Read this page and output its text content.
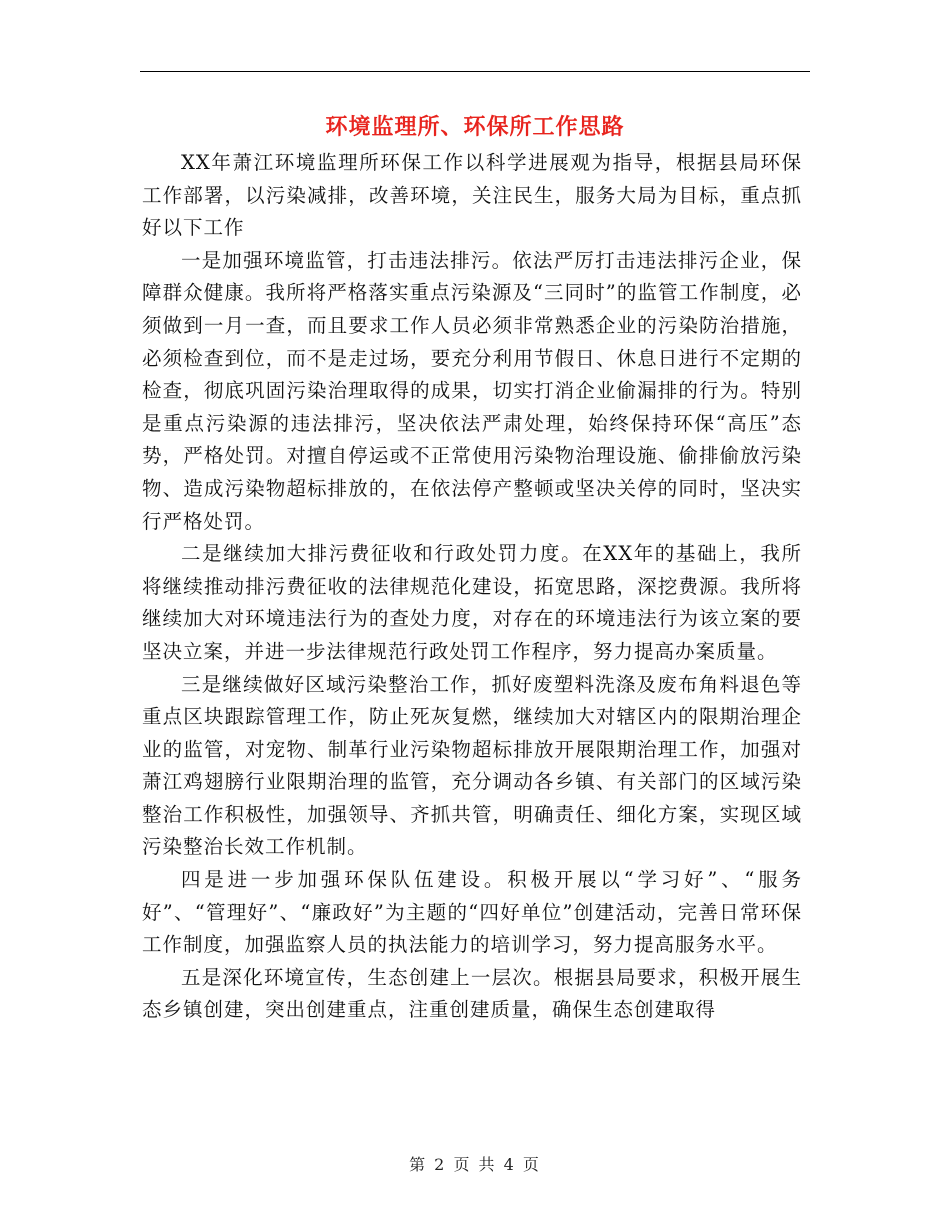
环境监理所、环保所工作思路

XX年萧江环境监理所环保工作以科学进展观为指导，根据县局环保工作部署，以污染减排，改善环境，关注民生，服务大局为目标，重点抓好以下工作

一是加强环境监管，打击违法排污。依法严厉打击违法排污企业，保障群众健康。我所将严格落实重点污染源及“三同时”的监管工作制度，必须做到一月一查，而且要求工作人员必须非常熟悉企业的污染防治措施，必须检查到位，而不是走过场，要充分利用节假日、休息日进行不定期的检查，彻底巩固污染治理取得的成果，切实打消企业偷漏排的行为。特别是重点污染源的违法排污，坚决依法严肃处理，始终保持环保“高压”态势，严格处罚。对擅自停运或不正常使用污染物治理设施、偷排偷放污染物、造成污染物超标排放的，在依法停产整顿或坚决关停的同时，坚决实行严格处罚。

二是继续加大排污费征收和行政处罚力度。在XX年的基础上，我所将继续推动排污费征收的法律规范化建设，拓宽思路，深挖费源。我所将继续加大对环境违法行为的查处力度，对存在的环境违法行为该立案的要坚决立案，并进一步法律规范行政处罚工作程序，努力提高办案质量。

三是继续做好区域污染整治工作，抓好废塑料洗涤及废布角料退色等重点区块跟踪管理工作，防止死灰复燃，继续加大对辖区内的限期治理企业的监管，对宠物、制革行业污染物超标排放开展限期治理工作，加强对萧江鸡翅膀行业限期治理的监管，充分调动各乡镇、有关部门的区域污染整治工作积极性，加强领导、齐抓共管，明确责任、细化方案，实现区域污染整治长效工作机制。

四是进一步加强环保队伍建设。积极开展以“学习好”、“服务好”、“管理好”、“廉政好”为主题的“四好单位”创建活动，完善日常环保工作制度，加强监察人员的执法能力的培训学习，努力提高服务水平。

五是深化环境宣传，生态创建上一层次。根据县局要求，积极开展生态乡镇创建，突出创建重点，注重创建质量，确保生态创建取得

第 2 页 共 4 页
